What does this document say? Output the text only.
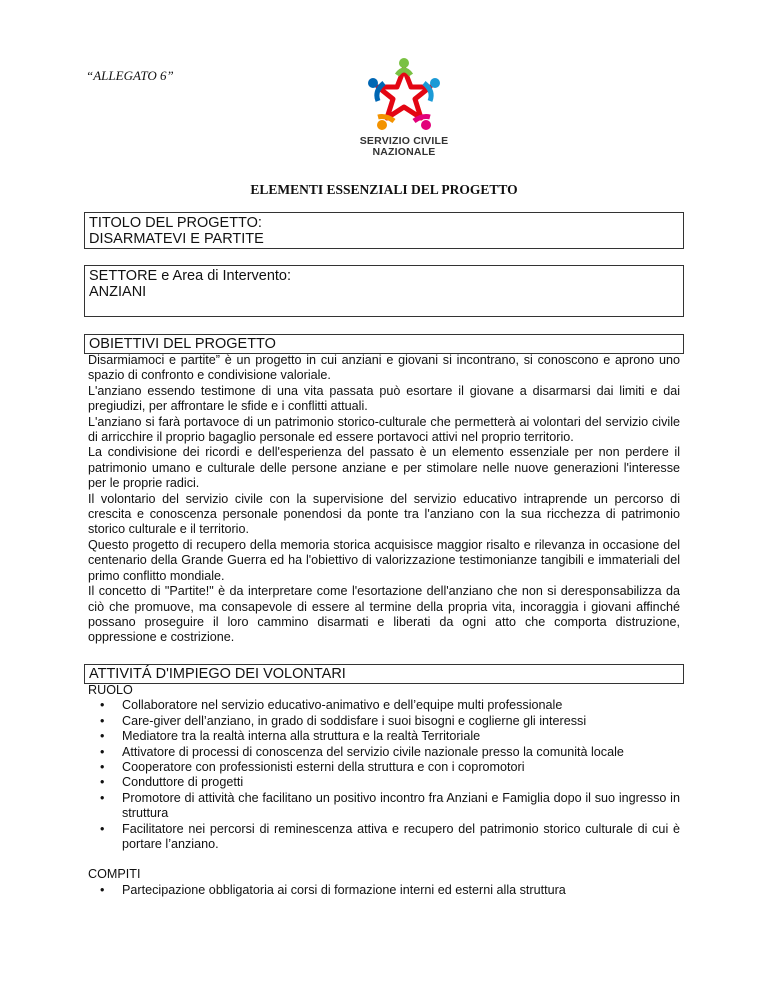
“ALLEGATO 6”
SERVIZIO CIVILE
NAZIONALE
ELEMENTI ESSENZIALI DEL PROGETTO
TITOLO DEL PROGETTO:
DISARMATEVI E PARTITE
SETTORE e Area di Intervento:
ANZIANI
OBIETTIVI DEL PROGETTO

Disarmiamoci e partite” è un progetto in cui anziani e giovani si incontrano, si conoscono e aprono uno spazio di confronto e condivisione valoriale.

L'anziano essendo testimone di una vita passata può esortare il giovane a disarmarsi dai limiti e dai pregiudizi, per affrontare le sfide e i conflitti attuali.

L'anziano si farà portavoce di un patrimonio storico-culturale che permetterà ai volontari del servizio civile di arricchire il proprio bagaglio personale ed essere portavoci attivi nel proprio territorio.

La condivisione dei ricordi e dell'esperienza del passato è un elemento essenziale per non perdere il patrimonio umano e culturale delle persone anziane e per stimolare nelle nuove generazioni l'interesse per le proprie radici.

Il volontario del servizio civile con la supervisione del servizio educativo intraprende un percorso di crescita e conoscenza personale ponendosi da ponte tra l'anziano con la sua ricchezza di patrimonio storico culturale e il territorio.

Questo progetto di recupero della memoria storica acquisisce maggior risalto e rilevanza in occasione del centenario della Grande Guerra ed ha l'obiettivo di valorizzazione testimonianze tangibili e immateriali del primo conflitto mondiale.

Il concetto di "Partite!" è da interpretare come l'esortazione dell'anziano che non si deresponsabilizza da ciò che promuove, ma consapevole di essere al termine della propria vita, incoraggia i giovani affinché possano proseguire il loro cammino disarmati e liberati da ogni atto che comporta distruzione, oppressione e costrizione.

ATTIVITÁ D'IMPIEGO DEI VOLONTARI
RUOLO
• Collaboratore nel servizio educativo-animativo e dell’equipe multi professionale
• Care-giver dell’anziano, in grado di soddisfare i suoi bisogni e coglierne gli interessi
• Mediatore tra la realtà interna alla struttura e la realtà Territoriale
• Attivatore di processi di conoscenza del servizio civile nazionale presso la comunità locale
• Cooperatore con professionisti esterni della struttura e con i copromotori
• Conduttore di progetti
• Promotore di attività che facilitano un positivo incontro fra Anziani e Famiglia dopo il suo ingresso in struttura
• Facilitatore nei percorsi di reminescenza attiva e recupero del patrimonio storico culturale di cui è portare l’anziano.
COMPITI
• Partecipazione obbligatoria ai corsi di formazione interni ed esterni alla struttura
